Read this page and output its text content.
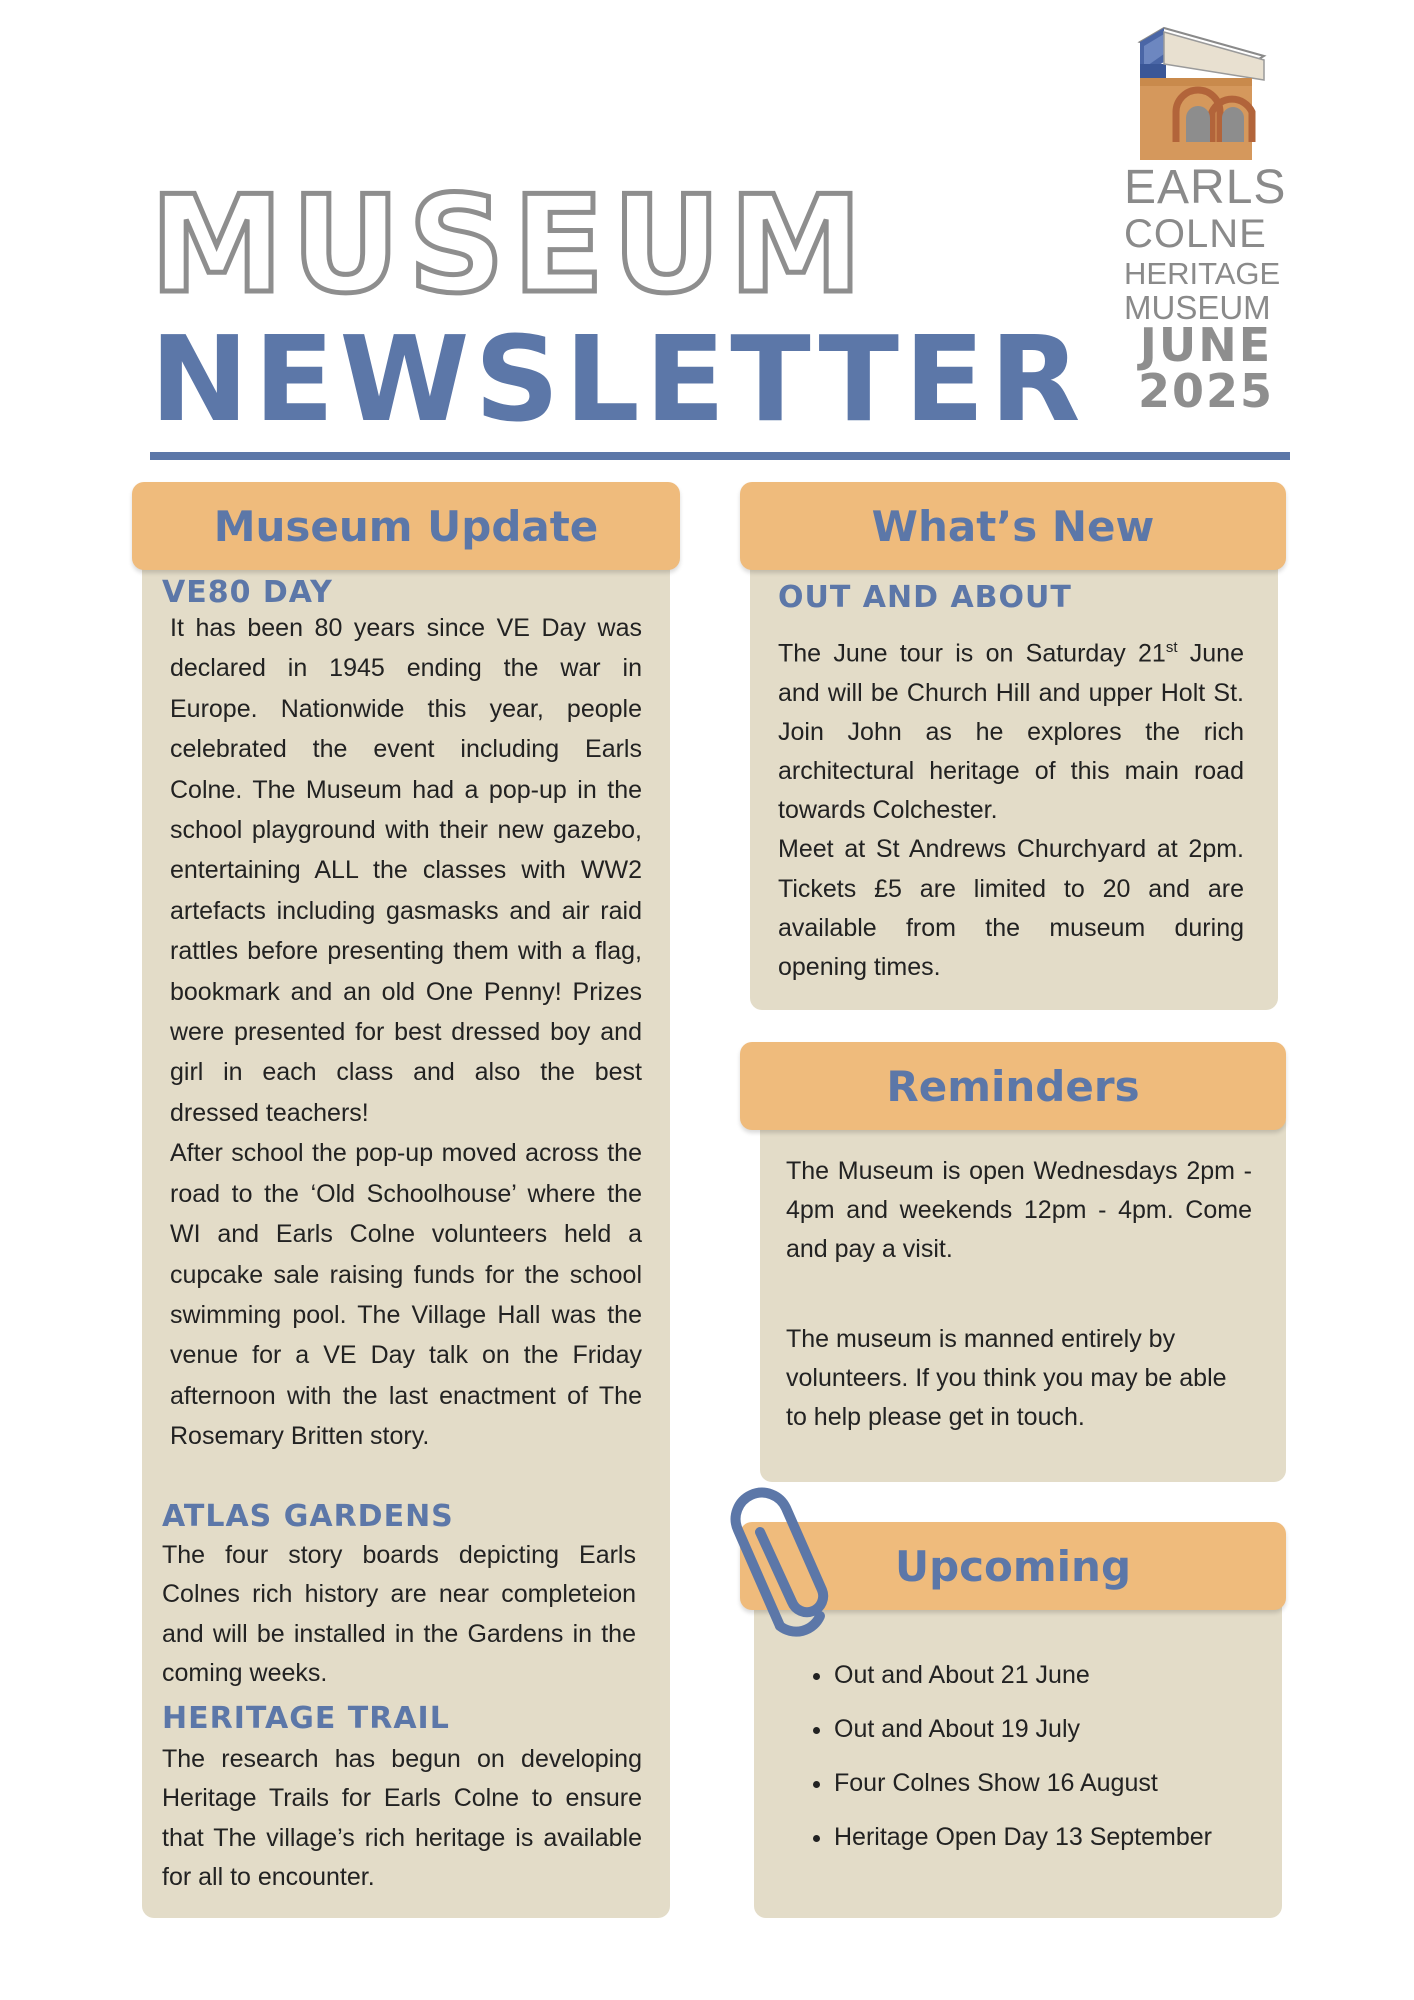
MUSEUM
NEWSLETTER
EARLS
COLNE
HERITAGE
MUSEUM
JUNE
2025
Museum Update
VE80 DAY

It has been 80 years since VE Day was declared in 1945 ending the war in Europe. Nationwide this year, people celebrated the event including Earls Colne. The Museum had a pop-up in the school playground with their new gazebo, entertaining ALL the classes with WW2 artefacts including gasmasks and air raid rattles before presenting them with a flag, bookmark and an old One Penny! Prizes were presented for best dressed boy and girl in each class and also the best dressed teachers!

After school the pop-up moved across the road to the ‘Old Schoolhouse’ where the WI and Earls Colne volunteers held a cupcake sale raising funds for the school swimming pool. The Village Hall was the venue for a VE Day talk on the Friday afternoon with the last enactment of The Rosemary Britten story.

ATLAS GARDENS
The four story boards depicting Earls Colnes rich history are near completeion and will be installed in the Gardens in the coming weeks.
HERITAGE TRAIL
The research has begun on developing Heritage Trails for Earls Colne to ensure that The village’s rich heritage is available for all to encounter.
What’s New
OUT AND ABOUT

The June tour is on Saturday 21st June and will be Church Hill and upper Holt St. Join John as he explores the rich architectural heritage of this main road towards Colchester.

Meet at St Andrews Churchyard at 2pm. Tickets £5 are limited to 20 and are available from the museum during opening times.

Reminders
The Museum is open Wednesdays 2pm - 4pm and weekends 12pm - 4pm. Come and pay a visit.
The museum is manned entirely by volunteers. If you think you may be able to help please get in touch.
Upcoming
• Out and About 21 June
• Out and About 19 July
• Four Colnes Show 16 August
• Heritage Open Day 13 September
